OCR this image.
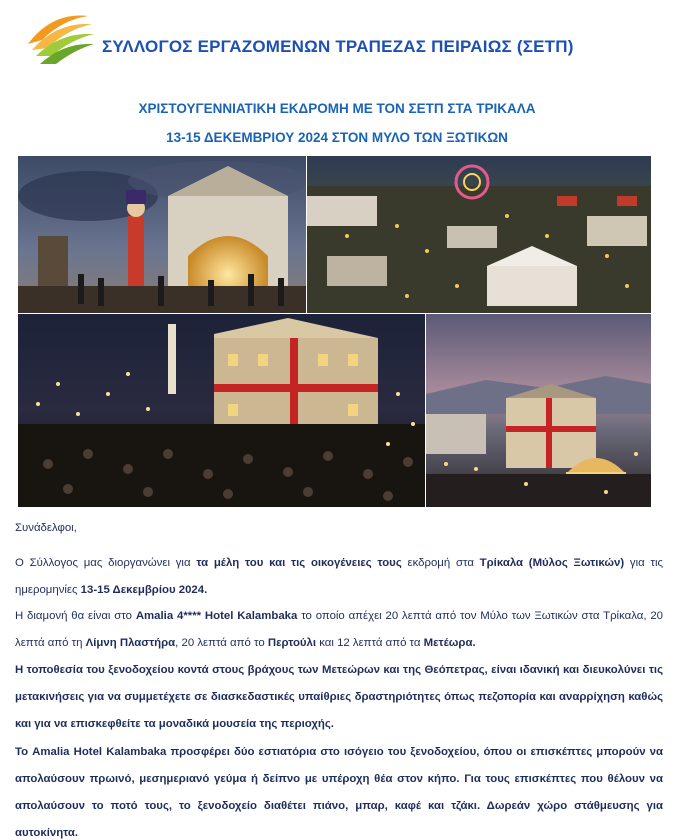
ΣΥΛΛΟΓΟΣ ΕΡΓΑΖΟΜΕΝΩΝ ΤΡΑΠΕΖΑΣ ΠΕΙΡΑΙΩΣ (ΣΕΤΠ)
ΧΡΙΣΤΟΥΓΕΝΝΙΑΤΙΚΗ ΕΚΔΡΟΜΗ ΜΕ ΤΟΝ ΣΕΤΠ ΣΤΑ ΤΡΙΚΑΛΑ
13-15 ΔΕΚΕΜΒΡΙΟΥ 2024 ΣΤΟΝ ΜΥΛΟ ΤΩΝ ΞΩΤΙΚΩΝ
Συνάδελφοι,
Ο Σύλλογος μας διοργανώνει για τα μέλη του και τις οικογένειες τους εκδρομή στα Τρίκαλα (Μύλος Ξωτικών) για τις ημερομηνίες 13-15 Δεκεμβρίου 2024.
Η διαμονή θα είναι στο Amalia 4**** Hotel Kalambaka το οποίο απέχει 20 λεπτά από τον Μύλο των Ξωτικών στα Τρίκαλα, 20 λεπτά από τη Λίμνη Πλαστήρα, 20 λεπτά από το Περτούλι και 12 λεπτά από τα Μετέωρα.
Η τοποθεσία του ξενοδοχείου κοντά στους βράχους των Μετεώρων και της Θεόπετρας, είναι ιδανική και διευκολύνει τις μετακινήσεις για να συμμετέχετε σε διασκεδαστικές υπαίθριες δραστηριότητες όπως πεζοπορία και αναρρίχηση καθώς και για να επισκεφθείτε τα μοναδικά μουσεία της περιοχής.
Το Amalia Hotel Kalambaka προσφέρει δύο εστιατόρια στο ισόγειο του ξενοδοχείου, όπου οι επισκέπτες μπορούν να απολαύσουν πρωινό, μεσημεριανό γεύμα ή δείπνο με υπέροχη θέα στον κήπο. Για τους επισκέπτες που θέλουν να απολαύσουν το ποτό τους, το ξενοδοχείο διαθέτει πιάνο, μπαρ, καφέ και τζάκι. Δωρεάν χώρο στάθμευσης για αυτοκίνητα.
